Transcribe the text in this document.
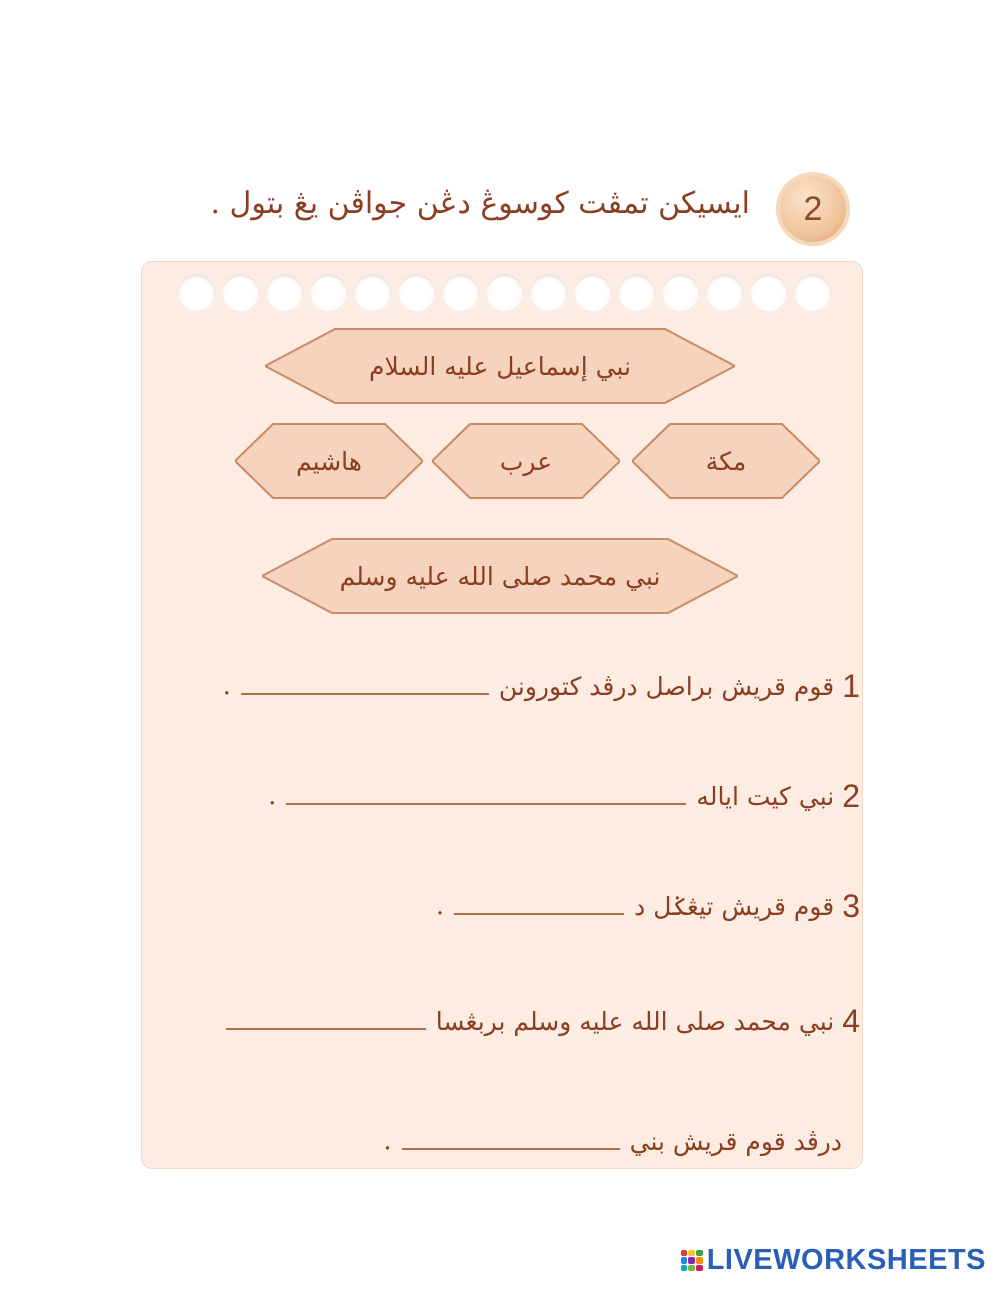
ايسيكن تمڤت كوسوڠ دڠن جواڤن يڠ بتول .	2
نبي إسماعيل عليه السلام
مكة
عرب
هاشيم
نبي محمد صلى الله عليه وسلم
1
قوم قريش براصل درڤد كتورونن
.
2
نبي كيت اياله
.
3
قوم قريش تيڠݢل د
.
4
نبي محمد صلى الله عليه وسلم بربڠسا
درڤد قوم قريش بني
.
LIVEWORKSHEETS
